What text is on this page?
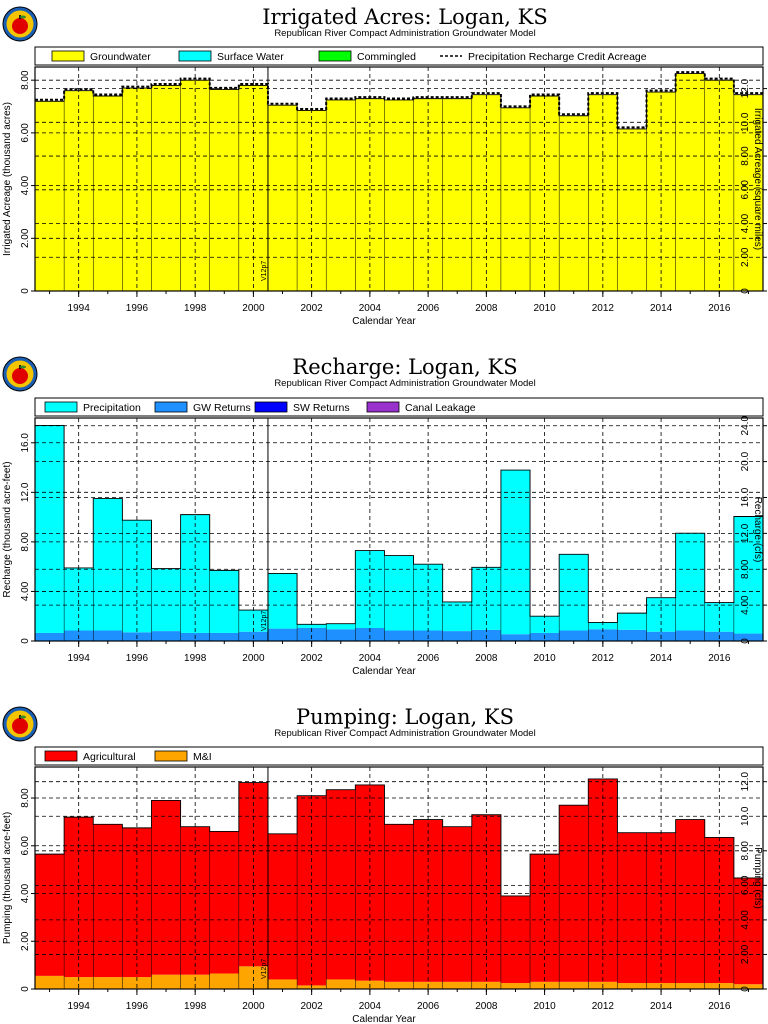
Irrigated Acres: Logan, KS
Republican River Compact Administration Groundwater Model
Groundwater	Surface Water	Commingled	Precipitation Recharge Credit Acreage
0
2.00
4.00
6.00
8.00
0
2.00
4.00
6.00
8.00
10.0
12.0
1994	1996	1998	2000	2002	2004	2006	2008	2010	2012	2014	2016
Calendar Year
Irrigated Acreage (thousand acres)	Irrigated Acreage (square miles)
V12p7
Recharge: Logan, KS
Republican River Compact Administration Groundwater Model
Precipitation	GW Returns	SW Returns	Canal Leakage
0
4.00
8.00
12.0
16.0
0
4.00
8.00
12.0
16.0
20.0
24.0
1994	1996	1998	2000	2002	2004	2006	2008	2010	2012	2014	2016
Calendar Year
Recharge (thousand acre-feet)	Recharge (cfs)
V12p7
Pumping: Logan, KS
Republican River Compact Administration Groundwater Model
Agricultural	M&I
0
2.00
4.00
6.00
8.00
0
2.00
4.00
6.00
8.00
10.0
12.0
1994	1996	1998	2000	2002	2004	2006	2008	2010	2012	2014	2016
Calendar Year
Pumping (thousand acre-feet)	Pumping (cfs)
V12p7
